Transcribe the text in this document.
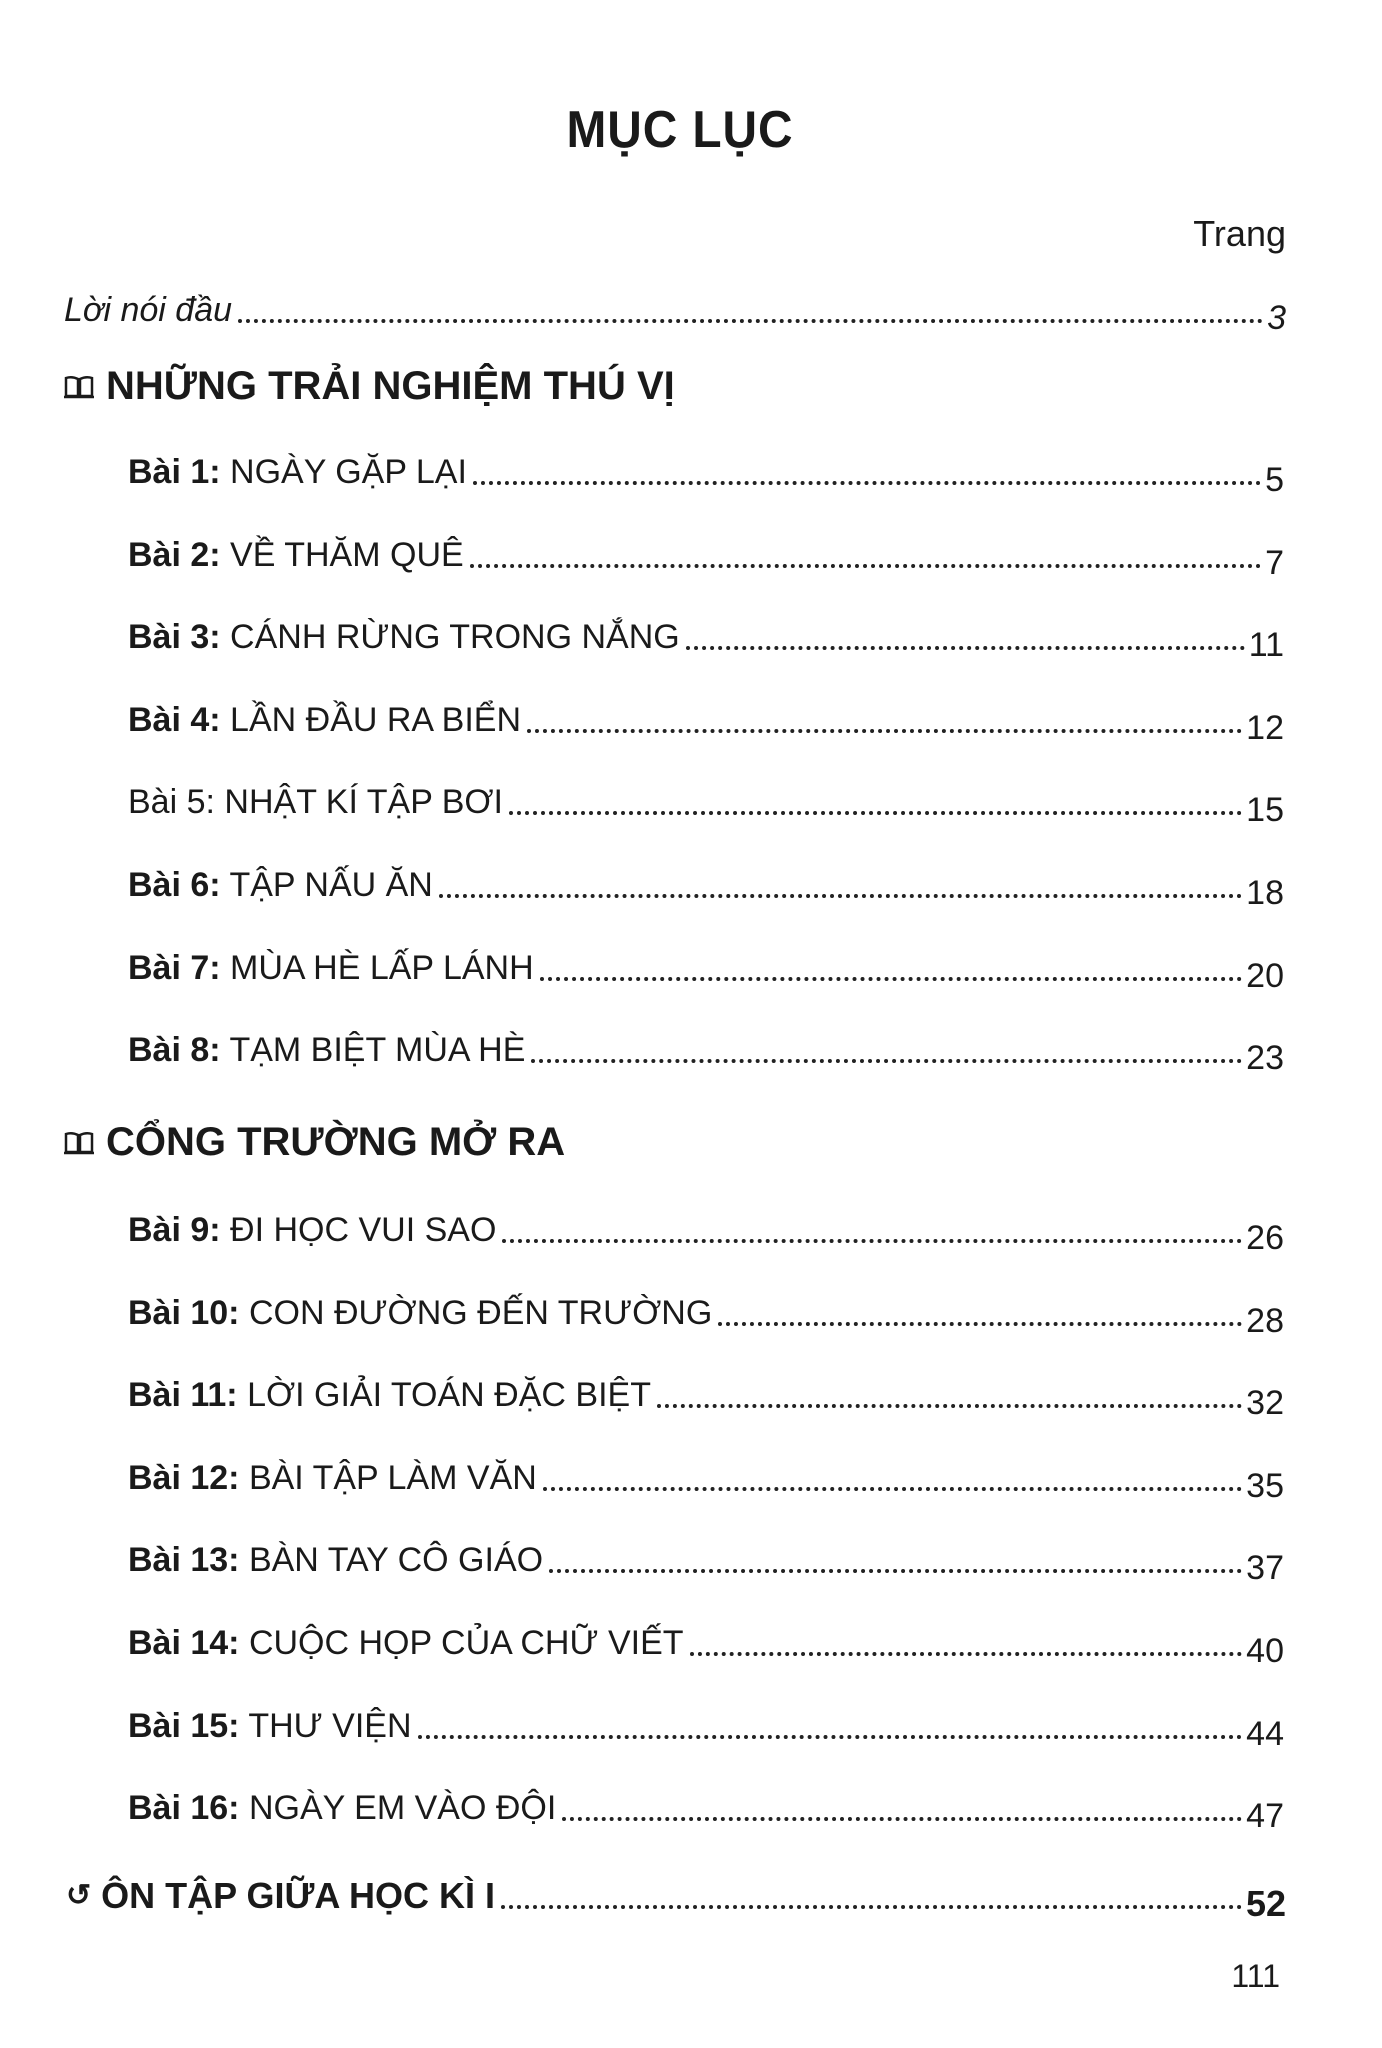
MỤC LỤC
Trang
Lời nói đầu	3
NHỮNG TRẢI NGHIỆM THÚ VỊ
Bài 1: NGÀY GẶP LẠI	5
Bài 2: VỀ THĂM QUÊ	7
Bài 3: CÁNH RỪNG TRONG NẮNG	11
Bài 4: LẦN ĐẦU RA BIỂN	12
Bài 5: NHẬT KÍ TẬP BƠI	15
Bài 6: TẬP NẤU ĂN	18
Bài 7: MÙA HÈ LẤP LÁNH	20
Bài 8: TẠM BIỆT MÙA HÈ	23
CỔNG TRƯỜNG MỞ RA
Bài 9: ĐI HỌC VUI SAO	26
Bài 10: CON ĐƯỜNG ĐẾN TRƯỜNG	28
Bài 11: LỜI GIẢI TOÁN ĐẶC BIỆT	32
Bài 12: BÀI TẬP LÀM VĂN	35
Bài 13: BÀN TAY CÔ GIÁO	37
Bài 14: CUỘC HỌP CỦA CHỮ VIẾT	40
Bài 15: THƯ VIỆN	44
Bài 16: NGÀY EM VÀO ĐỘI	47
↺ ÔN TẬP GIỮA HỌC KÌ I	52
111
